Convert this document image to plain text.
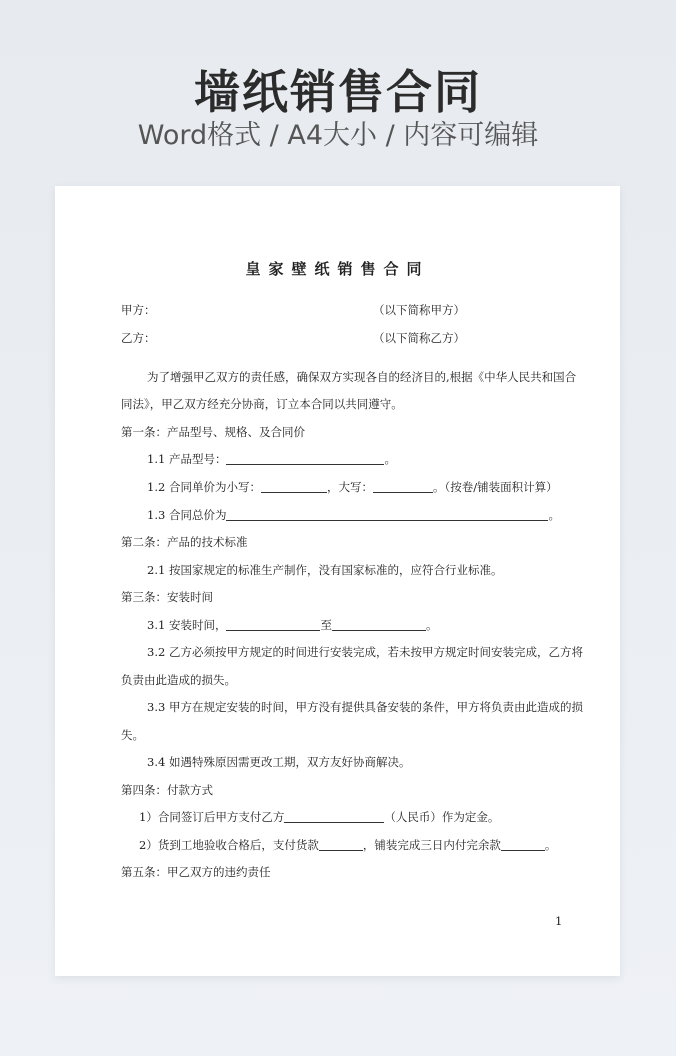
墙纸销售合同
Word格式 / A4大小 / 内容可编辑
皇家壁纸销售合同
甲方：	（以下简称甲方）
乙方：	（以下简称乙方）
为了增强甲乙双方的责任感，确保双方实现各自的经济目的,根据《中华人民共和国合
同法》，甲乙双方经充分协商，订立本合同以共同遵守。
第一条：产品型号、规格、及合同价
1.1 产品型号：	。
1.2 合同单价为小写：	，大写：	。（按卷/铺装面积计算）
1.3 合同总价为	。
第二条：产品的技术标准
2.1 按国家规定的标准生产制作，没有国家标准的，应符合行业标准。
第三条：安装时间
3.1 安装时间，	至	。
3.2 乙方必须按甲方规定的时间进行安装完成，若未按甲方规定时间安装完成，乙方将
负责由此造成的损失。
3.3 甲方在规定安装的时间，甲方没有提供具备安装的条件，甲方将负责由此造成的损
失。
3.4 如遇特殊原因需更改工期，双方友好协商解决。
第四条：付款方式
1）合同签订后甲方支付乙方	（人民币）作为定金。
2）货到工地验收合格后，支付货款	，铺装完成三日内付完余款	。
第五条：甲乙双方的违约责任
1
